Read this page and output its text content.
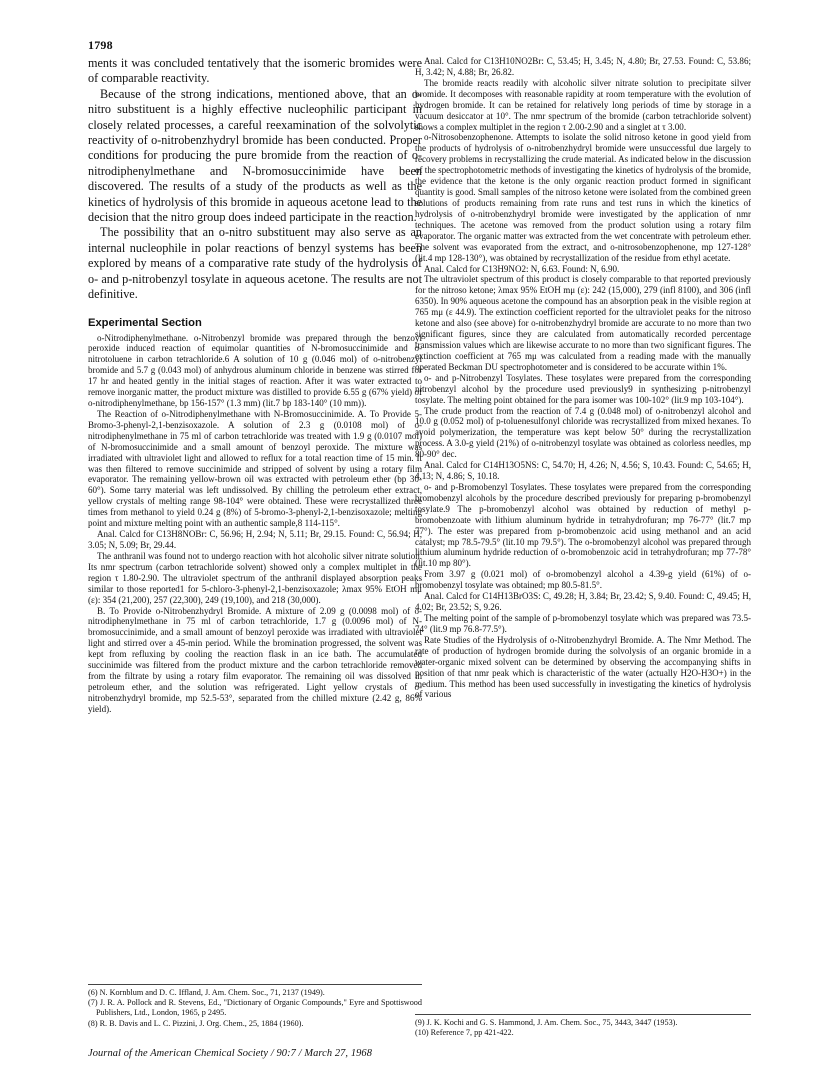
1798

ments it was concluded tentatively that the isomeric bromides were of comparable reactivity.

Because of the strong indications, mentioned above, that an o-nitro substituent is a highly effective nucleophilic participant in closely related processes, a careful reexamination of the solvolytic reactivity of o-nitrobenzhydryl bromide has been conducted. Proper conditions for producing the pure bromide from the reaction of o-nitrodiphenylmethane and N-bromosuccinimide have been discovered. The results of a study of the products as well as the kinetics of hydrolysis of this bromide in aqueous acetone lead to the decision that the nitro group does indeed participate in the reaction.

The possibility that an o-nitro substituent may also serve as an internal nucleophile in polar reactions of benzyl systems has been explored by means of a comparative rate study of the hydrolysis of o- and p-nitrobenzyl tosylate in aqueous acetone. The results are not definitive.

Experimental Section

o-Nitrodiphenylmethane. o-Nitrobenzyl bromide was prepared through the benzoyl peroxide induced reaction of equimolar quantities of N-bromosuccinimide and o-nitrotoluene in carbon tetrachloride.6 A solution of 10 g (0.046 mol) of o-nitrobenzyl bromide and 5.7 g (0.043 mol) of anhydrous aluminum chloride in benzene was stirred for 17 hr and heated gently in the initial stages of reaction. After it was water extracted to remove inorganic matter, the product mixture was distilled to provide 6.55 g (67% yield) of o-nitrodiphenylmethane, bp 156-157° (1.3 mm) (lit.7 bp 183-140° (10 mm)).

The Reaction of o-Nitrodiphenylmethane with N-Bromosuccinimide. A. To Provide 5-Bromo-3-phenyl-2,1-benzisoxazole. A solution of 2.3 g (0.0108 mol) of o-nitrodiphenylmethane in 75 ml of carbon tetrachloride was treated with 1.9 g (0.0107 mol) of N-bromosuccinimide and a small amount of benzoyl peroxide. The mixture was irradiated with ultraviolet light and allowed to reflux for a total reaction time of 15 min. It was then filtered to remove succinimide and stripped of solvent by using a rotary film evaporator. The remaining yellow-brown oil was extracted with petroleum ether (bp 30-60°). Some tarry material was left undissolved. By chilling the petroleum ether extract, yellow crystals of melting range 98-104° were obtained. These were recrystallized three times from methanol to yield 0.24 g (8%) of 5-bromo-3-phenyl-2,1-benzisoxazole; melting point and mixture melting point with an authentic sample,8 114-115°.

Anal. Calcd for C13H8NOBr: C, 56.96; H, 2.94; N, 5.11; Br, 29.15. Found: C, 56.94; H, 3.05; N, 5.09; Br, 29.44.

The anthranil was found not to undergo reaction with hot alcoholic silver nitrate solution. Its nmr spectrum (carbon tetrachloride solvent) showed only a complex multiplet in the region τ 1.80-2.90. The ultraviolet spectrum of the anthranil displayed absorption peaks similar to those reported1 for 5-chloro-3-phenyl-2,1-benzisoxazole; λmax 95% EtOH mμ (ε): 354 (21,200), 257 (22,300), 249 (19,100), and 218 (30,000).

B. To Provide o-Nitrobenzhydryl Bromide. A mixture of 2.09 g (0.0098 mol) of o-nitrodiphenylmethane in 75 ml of carbon tetrachloride, 1.7 g (0.0096 mol) of N-bromosuccinimide, and a small amount of benzoyl peroxide was irradiated with ultraviolet light and stirred over a 45-min period. While the bromination progressed, the solvent was kept from refluxing by cooling the reaction flask in an ice bath. The accumulated succinimide was filtered from the product mixture and the carbon tetrachloride removed from the filtrate by using a rotary film evaporator. The remaining oil was dissolved in petroleum ether, and the solution was refrigerated. Light yellow crystals of o-nitrobenzhydryl bromide, mp 52.5-53°, separated from the chilled mixture (2.42 g, 86% yield).

(6) N. Kornblum and D. C. Iffland, J. Am. Chem. Soc., 71, 2137 (1949).

(7) J. R. A. Pollock and R. Stevens, Ed., "Dictionary of Organic Compounds," Eyre and Spottiswood Publishers, Ltd., London, 1965, p 2495.

(8) R. B. Davis and L. C. Pizzini, J. Org. Chem., 25, 1884 (1960).

Anal. Calcd for C13H10NO2Br: C, 53.45; H, 3.45; N, 4.80; Br, 27.53. Found: C, 53.86; H, 3.42; N, 4.88; Br, 26.82.

The bromide reacts readily with alcoholic silver nitrate solution to precipitate silver bromide. It decomposes with reasonable rapidity at room temperature with the evolution of hydrogen bromide. It can be retained for relatively long periods of time by storage in a vacuum desiccator at 10°. The nmr spectrum of the bromide (carbon tetrachloride solvent) shows a complex multiplet in the region τ 2.00-2.90 and a singlet at τ 3.00.

o-Nitrosobenzophenone. Attempts to isolate the solid nitroso ketone in good yield from the products of hydrolysis of o-nitrobenzhydryl bromide were unsuccessful due largely to recovery problems in recrystallizing the crude material. As indicated below in the discussion of the spectrophotometric methods of investigating the kinetics of hydrolysis of the bromide, the evidence that the ketone is the only organic reaction product formed in significant quantity is good. Small samples of the nitroso ketone were isolated from the combined green solutions of products remaining from rate runs and test runs in which the kinetics of hydrolysis of o-nitrobenzhydryl bromide were investigated by the application of nmr techniques. The acetone was removed from the product solution using a rotary film evaporator. The organic matter was extracted from the wet concentrate with petroleum ether. The solvent was evaporated from the extract, and o-nitrosobenzophenone, mp 127-128° (lit.4 mp 128-130°), was obtained by recrystallization of the residue from ethyl acetate.

Anal. Calcd for C13H9NO2: N, 6.63. Found: N, 6.90.

The ultraviolet spectrum of this product is closely comparable to that reported previously for the nitroso ketone; λmax 95% EtOH mμ (ε): 242 (15,000), 279 (infl 8100), and 306 (infl 6350). In 90% aqueous acetone the compound has an absorption peak in the visible region at 765 mμ (ε 44.9). The extinction coefficient reported for the ultraviolet peaks for the nitroso ketone and also (see above) for o-nitrobenzhydryl bromide are accurate to no more than two significant figures, since they are calculated from automatically recorded percentage transmission values which are likewise accurate to no more than two significant figures. The extinction coefficient at 765 mμ was calculated from a reading made with the manually operated Beckman DU spectrophotometer and is considered to be accurate within 1%.

o- and p-Nitrobenzyl Tosylates. These tosylates were prepared from the corresponding nitrobenzyl alcohol by the procedure used previously9 in synthesizing p-nitrobenzyl tosylate. The melting point obtained for the para isomer was 100-102° (lit.9 mp 103-104°).

The crude product from the reaction of 7.4 g (0.048 mol) of o-nitrobenzyl alcohol and 10.0 g (0.052 mol) of p-toluenesulfonyl chloride was recrystallized from mixed hexanes. To avoid polymerization, the temperature was kept below 50° during the recrystallization process. A 3.0-g yield (21%) of o-nitrobenzyl tosylate was obtained as colorless needles, mp 80-90° dec.

Anal. Calcd for C14H13O5NS: C, 54.70; H, 4.26; N, 4.56; S, 10.43. Found: C, 54.65; H, 4.13; N, 4.86; S, 10.18.

o- and p-Bromobenzyl Tosylates. These tosylates were prepared from the corresponding bromobenzyl alcohols by the procedure described previously for preparing p-bromobenzyl tosylate.9 The p-bromobenzyl alcohol was obtained by reduction of methyl p-bromobenzoate with lithium aluminum hydride in tetrahydrofuran; mp 76-77° (lit.7 mp 77°). The ester was prepared from p-bromobenzoic acid using methanol and an acid catalyst; mp 78.5-79.5° (lit.10 mp 79.5°). The o-bromobenzyl alcohol was prepared through lithium aluminum hydride reduction of o-bromobenzoic acid in tetrahydrofuran; mp 77-78° (lit.10 mp 80°).

From 3.97 g (0.021 mol) of o-bromobenzyl alcohol a 4.39-g yield (61%) of o-bromobenzyl tosylate was obtained; mp 80.5-81.5°.

Anal. Calcd for C14H13BrO3S: C, 49.28; H, 3.84; Br, 23.42; S, 9.40. Found: C, 49.45; H, 4.02; Br, 23.52; S, 9.26.

The melting point of the sample of p-bromobenzyl tosylate which was prepared was 73.5-74° (lit.9 mp 76.8-77.5°).

Rate Studies of the Hydrolysis of o-Nitrobenzhydryl Bromide. A. The Nmr Method. The rate of production of hydrogen bromide during the solvolysis of an organic bromide in a water-organic mixed solvent can be determined by observing the accompanying shifts in position of that nmr peak which is characteristic of the water (actually H2O-H3O+) in the medium. This method has been used successfully in investigating the kinetics of hydrolysis of various

(9) J. K. Kochi and G. S. Hammond, J. Am. Chem. Soc., 75, 3443, 3447 (1953).

(10) Reference 7, pp 421-422.

Journal of the American Chemical Society / 90:7 / March 27, 1968
